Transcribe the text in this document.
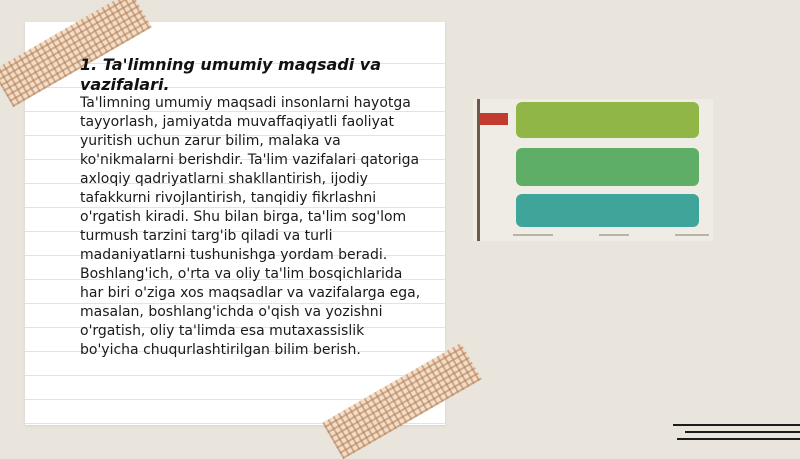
1. Ta'limning umumiy maqsadi va vazifalari.

Ta'limning umumiy maqsadi insonlarni hayotga tayyorlash, jamiyatda muvaffaqiyatli faoliyat yuritish uchun zarur bilim, malaka va ko'nikmalarni berishdir. Ta'lim vazifalari qatoriga axloqiy qadriyatlarni shakllantirish, ijodiy tafakkurni rivojlantirish, tanqidiy fikrlashni o'rgatish kiradi. Shu bilan birga, ta'lim sog'lom turmush tarzini targ'ib qiladi va turli madaniyatlarni tushunishga yordam beradi. Boshlang'ich, o'rta va oliy ta'lim bosqichlarida har biri o'ziga xos maqsadlar va vazifalarga ega, masalan, boshlang'ichda o'qish va yozishni o'rgatish, oliy ta'limda esa mutaxassislik bo'yicha chuqurlashtirilgan bilim berish.
